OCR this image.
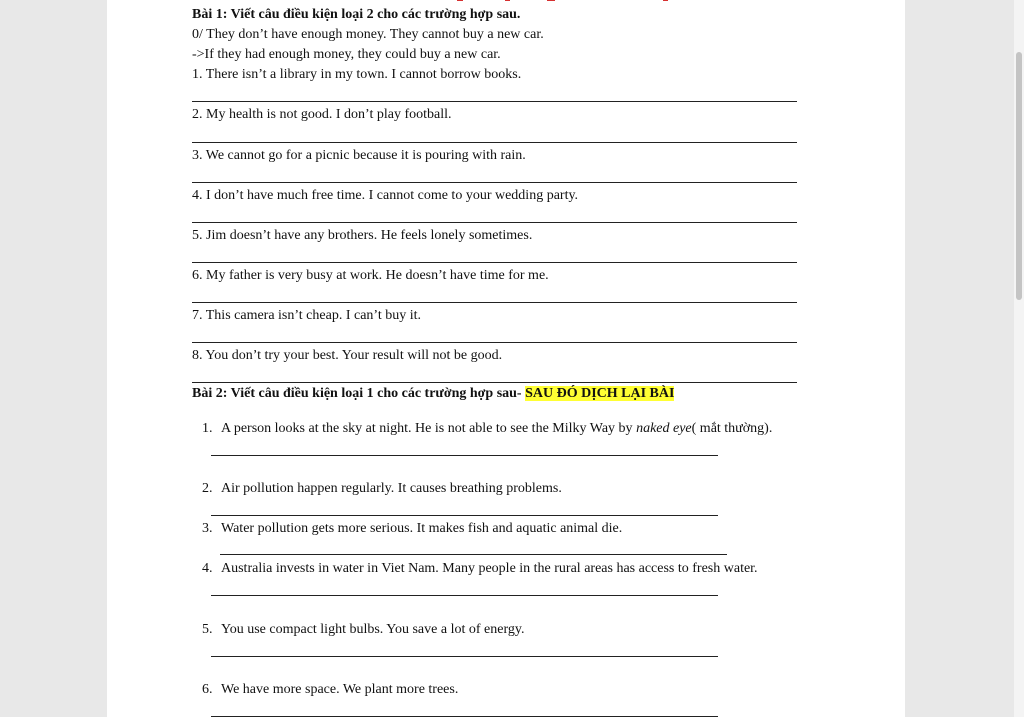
Bài 1: Viết câu điều kiện loại 2 cho các trường hợp sau.
0/ They don’t have enough money. They cannot buy a new car.
->If they had enough money, they could buy a new car.
1. There isn’t a library in my town. I cannot borrow books.
2. My health is not good. I don’t play football.
3. We cannot go for a picnic because it is pouring with rain.
4. I don’t have much free time. I cannot come to your wedding party.
5. Jim doesn’t have any brothers. He feels lonely sometimes.
6. My father is very busy at work. He doesn’t have time for me.
7. This camera isn’t cheap. I can’t buy it.
8. You don’t try your best. Your result will not be good.
Bài 2: Viết câu điều kiện loại 1 cho các trường hợp sau- SAU ĐÓ DỊCH LẠI BÀI
1. A person looks at the sky at night. He is not able to see the Milky Way by naked eye( mắt thường).
2. Air pollution happen regularly. It causes breathing problems.
3. Water pollution gets more serious. It makes fish and aquatic animal die.
4. Australia invests in water in Viet Nam. Many people in the rural areas has access to fresh water.
5. You use compact light bulbs. You save a lot of energy.
6. We have more space. We plant more trees.
